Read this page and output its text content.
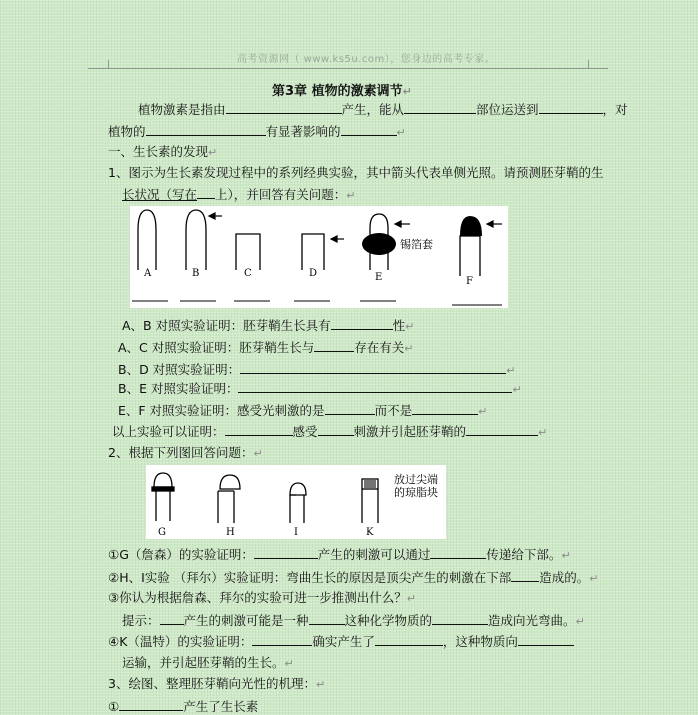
高考资源网（ www.ks5u.com），您身边的高考专家。
第3章 植物的激素调节↵
植物激素是指由	产生，能从	部位运送到	，对
植物的	有显著影响的	↵
一、生长素的发现↵
1、图示为生长素发现过程中的系列经典实验，其中箭头代表单侧光照。请预测胚芽鞘的生
长状况（写在 上），并回答有关问题：↵
A	B	C	D	E	F
锡箔套
A、B 对照实验证明：胚芽鞘生长具有	性↵
A、C 对照实验证明：胚芽鞘生长与	存在有关↵
B、D 对照实验证明：	↵
B、E 对照实验证明：	↵
E、F 对照实验证明：感受光刺激的是	而不是	↵
以上实验可以证明：	感受	刺激并引起胚芽鞘的	↵
2、根据下列图回答问题：↵
G	H	I	K
放过尖端
的琼脂块
①G（詹森）的实验证明：	产生的刺激可以通过	传递给下部。↵
②H、I实验 （拜尔）实验证明：弯曲生长的原因是顶尖产生的刺激在下部 造成的。↵
③你认为根据詹森、拜尔的实验可进一步推测出什么？↵
提示： 产生的刺激可能是一种	这种化学物质的	造成向光弯曲。↵
④K（温特）的实验证明：	确实产生了	，这种物质向
运输，并引起胚芽鞘的生长。↵
3、绘图、整理胚芽鞘向光性的机理：↵
①	产生了生长素
